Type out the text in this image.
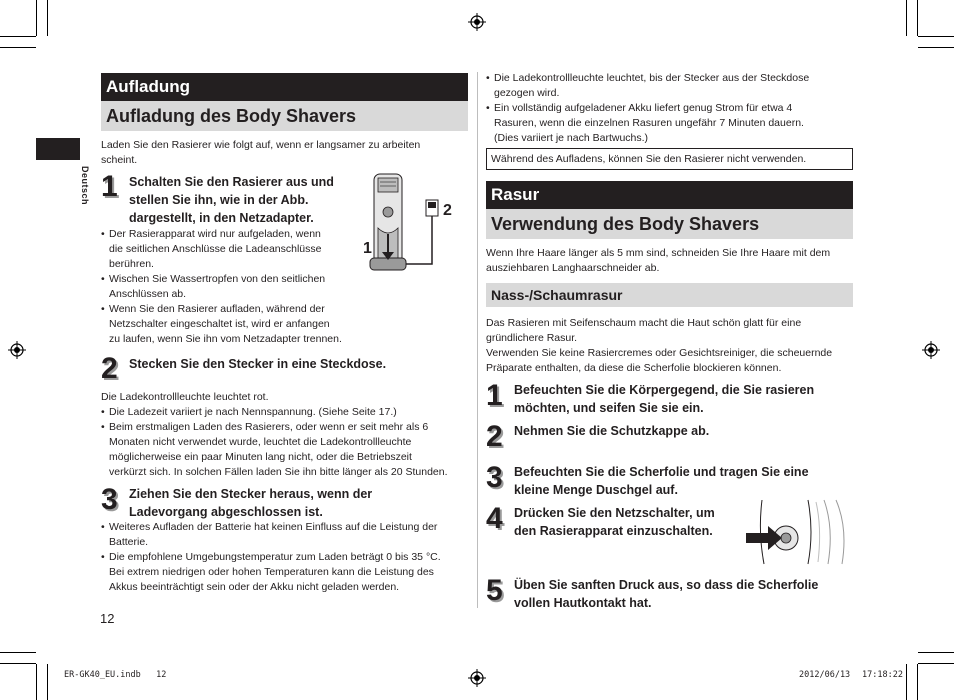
Deutsch
Aufladung
Aufladung des Body Shavers
Laden Sie den Rasierer wie folgt auf, wenn er langsamer zu arbeiten
scheint.
1 Schalten Sie den Rasierer aus und
stellen Sie ihn, wie in der Abb.
dargestellt, in den Netzadapter.
• Der Rasierapparat wird nur aufgeladen, wenn
die seitlichen Anschlüsse die Ladeanschlüsse
berühren.
• Wischen Sie Wassertropfen von den seitlichen
Anschlüssen ab.
• Wenn Sie den Rasierer aufladen, während der
Netzschalter eingeschaltet ist, wird er anfangen
zu laufen, wenn Sie ihn vom Netzadapter trennen.
1
2
2 Stecken Sie den Stecker in eine Steckdose.
Die Ladekontrollleuchte leuchtet rot.
• Die Ladezeit variiert je nach Nennspannung. (Siehe Seite 17.)
• Beim erstmaligen Laden des Rasierers, oder wenn er seit mehr als 6
Monaten nicht verwendet wurde, leuchtet die Ladekontrollleuchte
möglicherweise ein paar Minuten lang nicht, oder die Betriebszeit
verkürzt sich. In solchen Fällen laden Sie ihn bitte länger als 20 Stunden.
3 Ziehen Sie den Stecker heraus, wenn der
Ladevorgang abgeschlossen ist.
• Weiteres Aufladen der Batterie hat keinen Einfluss auf die Leistung der
Batterie.
• Die empfohlene Umgebungstemperatur zum Laden beträgt 0 bis 35 °C.
Bei extrem niedrigen oder hohen Temperaturen kann die Leistung des
Akkus beeinträchtigt sein oder der Akku nicht geladen werden.
12
• Die Ladekontrollleuchte leuchtet, bis der Stecker aus der Steckdose
gezogen wird.
• Ein vollständig aufgeladener Akku liefert genug Strom für etwa 4
Rasuren, wenn die einzelnen Rasuren ungefähr 7 Minuten dauern.
(Dies variiert je nach Bartwuchs.)
Während des Aufladens, können Sie den Rasierer nicht verwenden.
Rasur
Verwendung des Body Shavers
Wenn Ihre Haare länger als 5 mm sind, schneiden Sie Ihre Haare mit dem
ausziehbaren Langhaarschneider ab.
Nass-/Schaumrasur
Das Rasieren mit Seifenschaum macht die Haut schön glatt für eine
gründlichere Rasur.
Verwenden Sie keine Rasiercremes oder Gesichtsreiniger, die scheuernde
Präparate enthalten, da diese die Scherfolie blockieren können.
1 Befeuchten Sie die Körpergegend, die Sie rasieren
möchten, und seifen Sie sie ein.
2 Nehmen Sie die Schutzkappe ab.
3 Befeuchten Sie die Scherfolie und tragen Sie eine
kleine Menge Duschgel auf.
4 Drücken Sie den Netzschalter, um
den Rasierapparat einzuschalten.
5 Üben Sie sanften Druck aus, so dass die Scherfolie
vollen Hautkontakt hat.
ER-GK40_EU.indb   12	2012/06/13 17:18:22
